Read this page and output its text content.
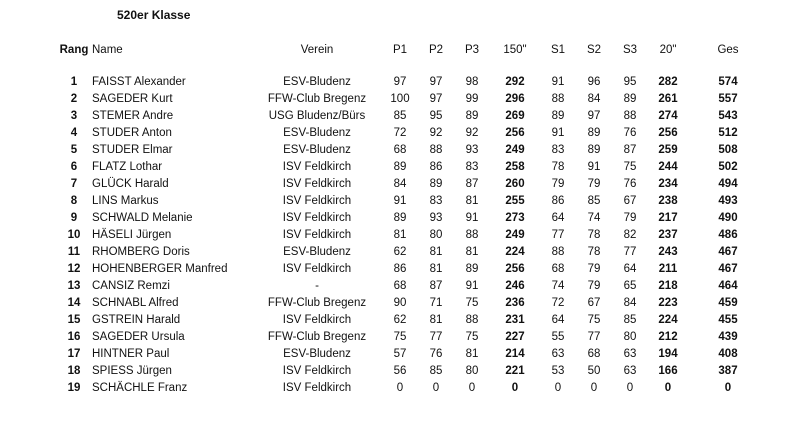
520er Klasse
Rang	Name	Verein	P1	P2	P3	150"	S1	S2	S3	20"	Ges

1	FAISST Alexander	ESV-Bludenz	97	97	98	292	91	96	95	282	574
2	SAGEDER Kurt	FFW-Club Bregenz	100	97	99	296	88	84	89	261	557
3	STEMER Andre	USG Bludenz/Bürs	85	95	89	269	89	97	88	274	543
4	STUDER Anton	ESV-Bludenz	72	92	92	256	91	89	76	256	512
5	STUDER Elmar	ESV-Bludenz	68	88	93	249	83	89	87	259	508
6	FLATZ Lothar	ISV Feldkirch	89	86	83	258	78	91	75	244	502
7	GLÜCK Harald	ISV Feldkirch	84	89	87	260	79	79	76	234	494
8	LINS Markus	ISV Feldkirch	91	83	81	255	86	85	67	238	493
9	SCHWALD Melanie	ISV Feldkirch	89	93	91	273	64	74	79	217	490
10	HÄSELI Jürgen	ISV Feldkirch	81	80	88	249	77	78	82	237	486
11	RHOMBERG Doris	ESV-Bludenz	62	81	81	224	88	78	77	243	467
12	HOHENBERGER Manfred	ISV Feldkirch	86	81	89	256	68	79	64	211	467
13	CANSIZ Remzi	-	68	87	91	246	74	79	65	218	464
14	SCHNABL Alfred	FFW-Club Bregenz	90	71	75	236	72	67	84	223	459
15	GSTREIN Harald	ISV Feldkirch	62	81	88	231	64	75	85	224	455
16	SAGEDER Ursula	FFW-Club Bregenz	75	77	75	227	55	77	80	212	439
17	HINTNER Paul	ESV-Bludenz	57	76	81	214	63	68	63	194	408
18	SPIESS Jürgen	ISV Feldkirch	56	85	80	221	53	50	63	166	387
19	SCHÄCHLE Franz	ISV Feldkirch	0	0	0	0	0	0	0	0	0
